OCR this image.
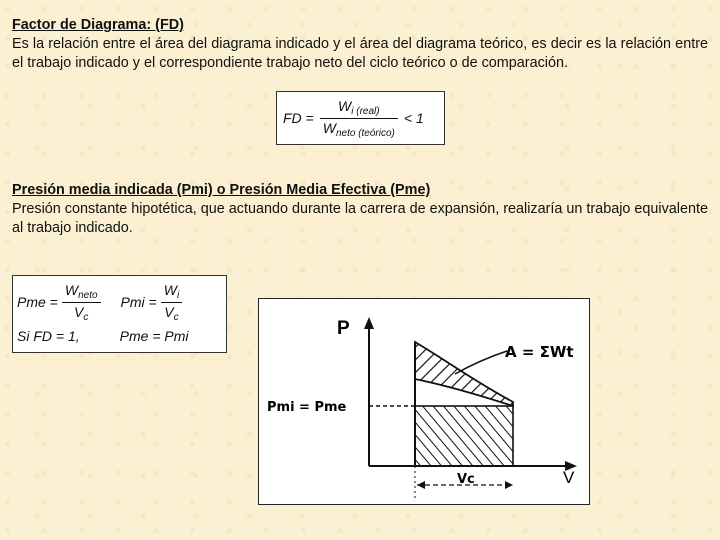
Factor de Diagrama: (FD)
Es la relación entre el área del diagrama indicado y el área del diagrama teórico, es decir es la relación entre el trabajo indicado y el correspondiente trabajo neto del ciclo teórico o de comparación.
FD = $\frac{W_{i (real)}}{W_{neto (teórico)}} < 1$
Presión media indicada (Pmi) o Presión Media Efectiva (Pme)
Presión constante hipotética, que actuando durante la carrera de expansión, realizaría un trabajo equivalente al trabajo indicado.
Pme = $\frac{W_{neto}}{V_c}$ Pmi = $\frac{W_i}{V_c}$
Si FD = 1,	Pme = Pmi	P
V
A = ΣWt
Pmi = Pme
Vc
